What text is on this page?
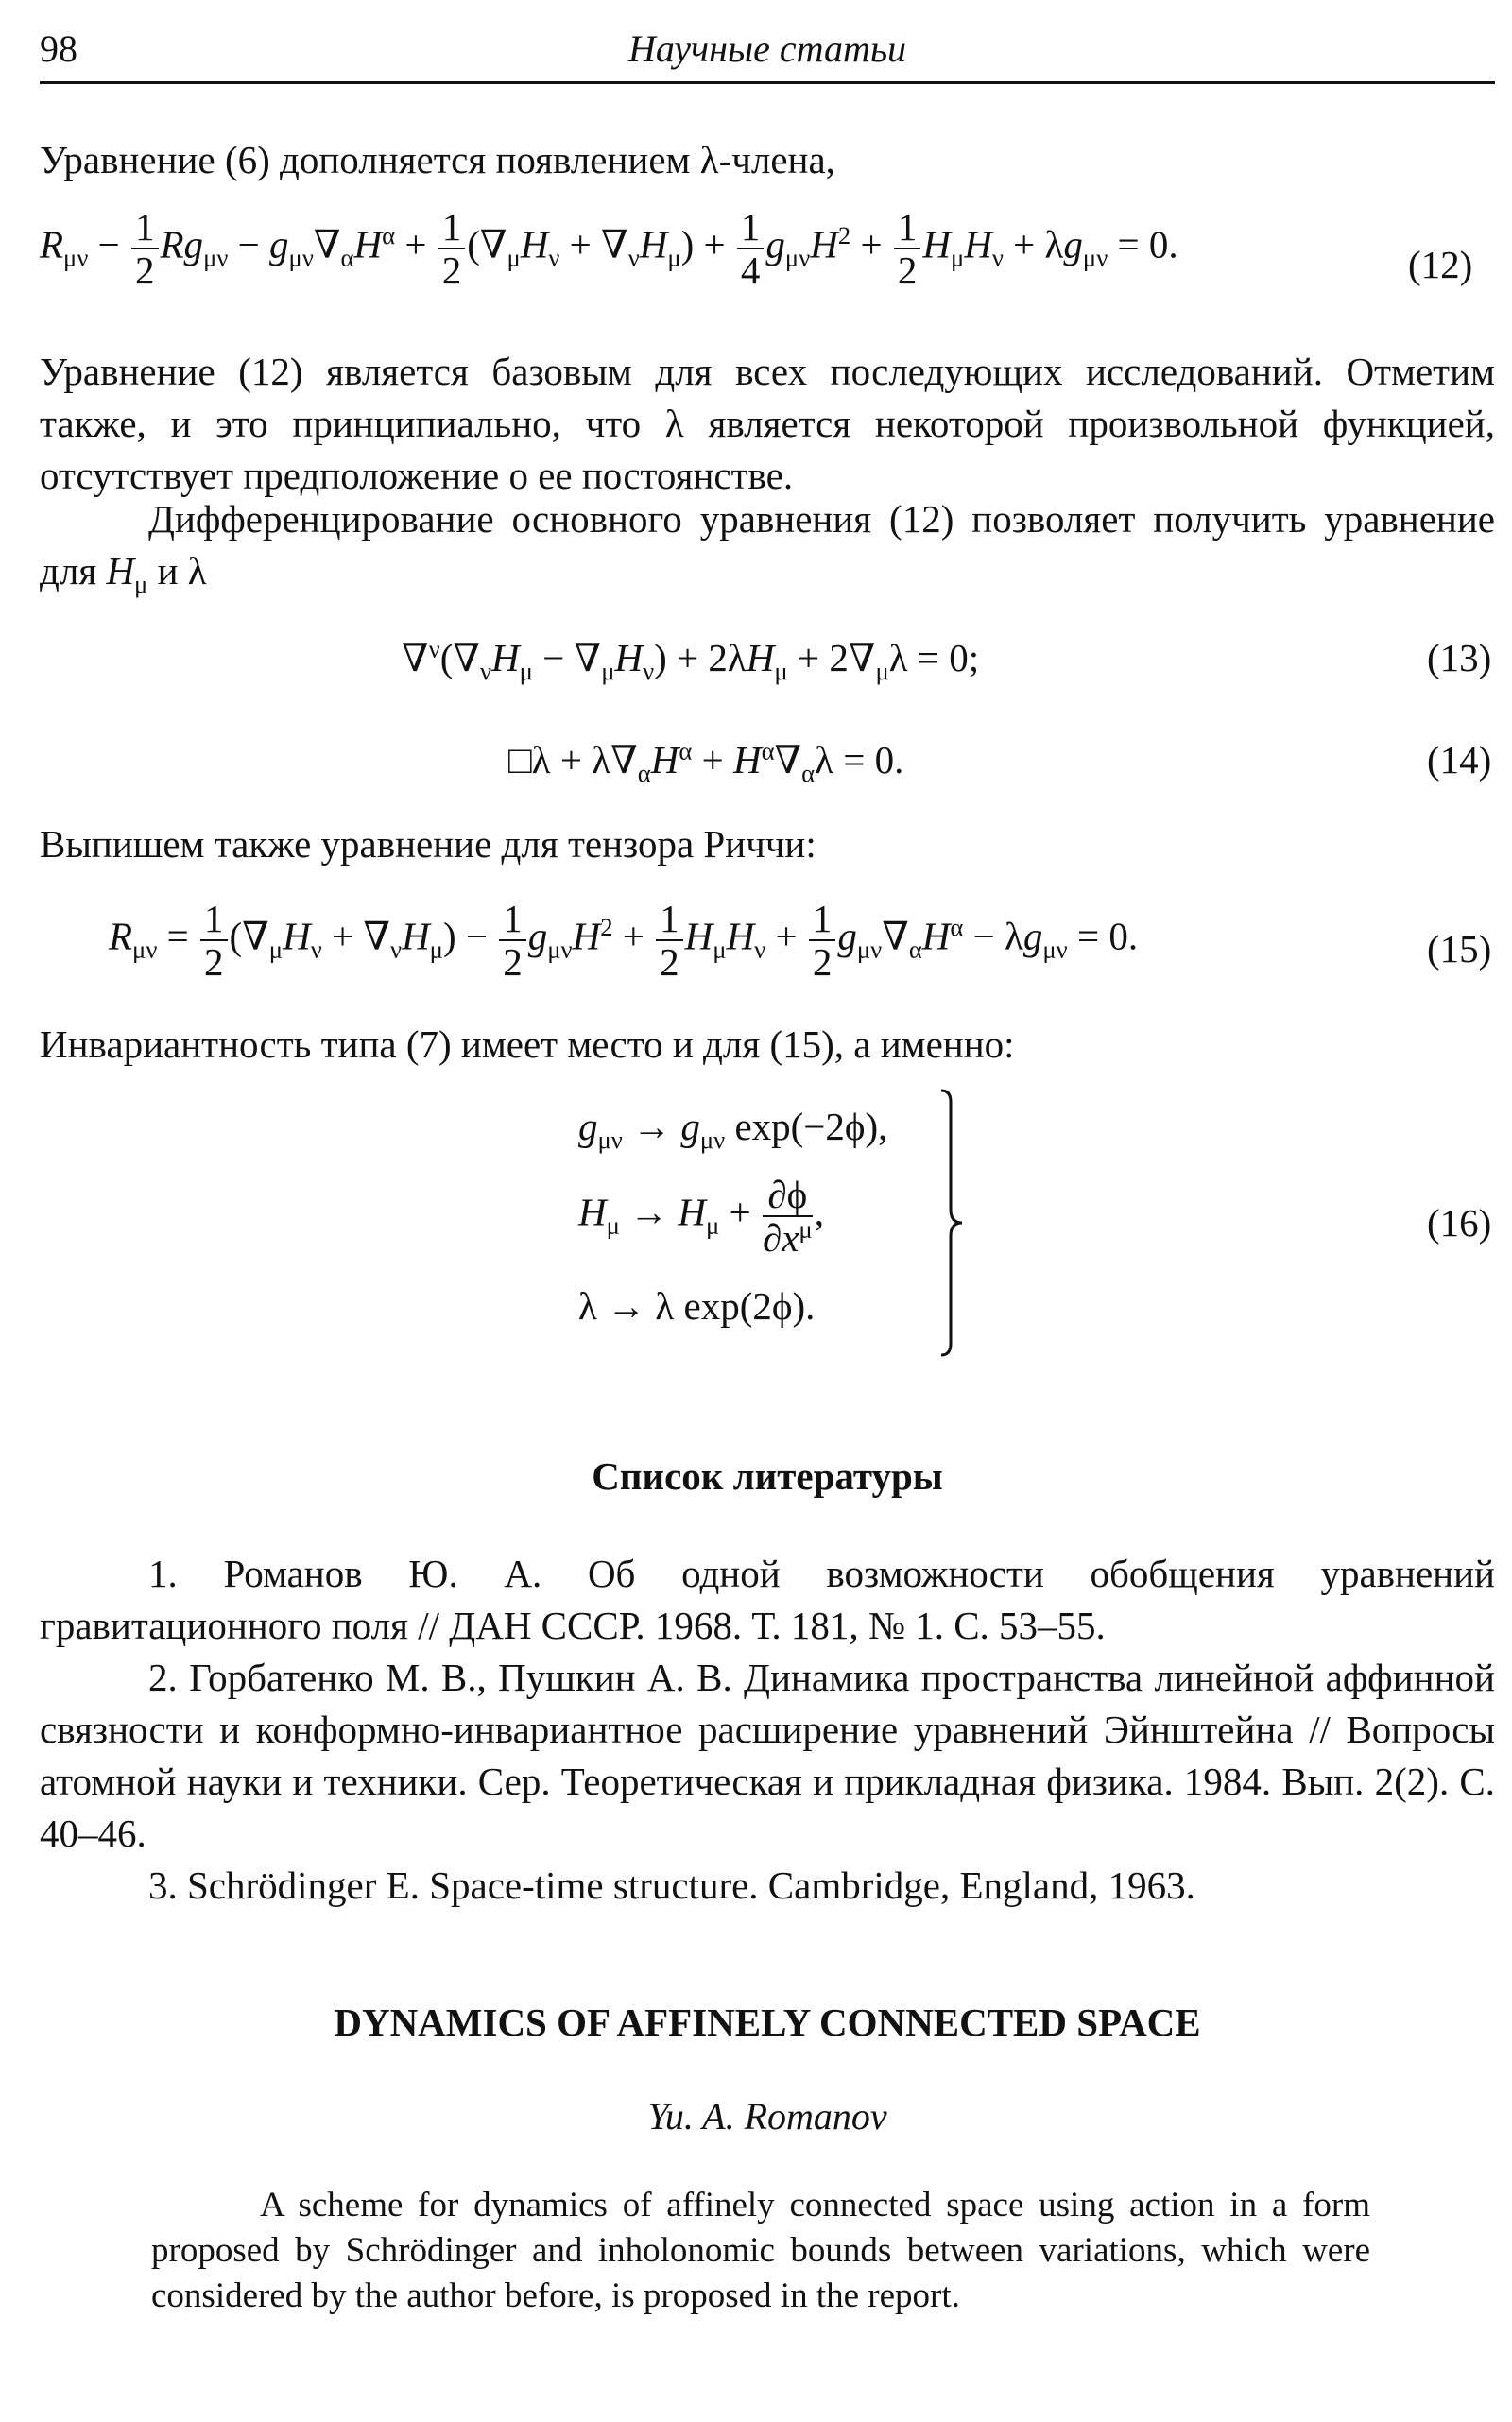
98	Научные статьи
Уравнение (6) дополняется появлением λ-члена,
$R_{\mu\nu} - \frac{1}{2} Rg_{\mu\nu} - g_{\mu\nu}\nabla_\alpha H^\alpha + \frac{1}{2} (\nabla_\mu H_\nu + \nabla_\nu H_\mu) + \frac{1}{4} g_{\mu\nu}H^2 + \frac{1}{2} H_\mu H_\nu + \lambda g_{\mu\nu} = 0$.	(12)
Уравнение (12) является базовым для всех последующих исследований. Отметим также, и это принципиально, что λ является некоторой произвольной функцией, отсутствует предположение о ее постоянстве.
Дифференцирование основного уравнения (12) позволяет получить уравнение для $H_\mu$ и λ
$\nabla^\nu(\nabla_\nu H_\mu - \nabla_\mu H_\nu) + 2\lambda H_\mu + 2\nabla_\mu\lambda = 0$;	(13)
□λ + $\lambda\nabla_\alpha H^\alpha + H^\alpha\nabla_\alpha\lambda = 0$.	(14)
Выпишем также уравнение для тензора Риччи:
$R_{\mu\nu} = \frac{1}{2} (\nabla_\mu H_\nu + \nabla_\nu H_\mu) - \frac{1}{2} g_{\mu\nu}H^2 + \frac{1}{2} H_\mu H_\nu + \frac{1}{2} g_{\mu\nu}\nabla_\alpha H^\alpha - \lambda g_{\mu\nu} = 0$.	(15)
Инвариантность типа (7) имеет место и для (15), а именно:
$g_{\mu\nu} \to g_{\mu\nu}$ exp(−2ϕ),
$H_\mu \to H_\mu + \frac{\partial\phi}{\partial x^\mu}$ ,
λ → λ exp(2ϕ).
(16)
Список литературы
1. Романов Ю. А. Об одной возможности обобщения уравнений гравитационного поля // ДАН СССР. 1968. Т. 181, № 1. С. 53–55.
2. Горбатенко М. В., Пушкин А. В. Динамика пространства линейной аффинной связности и конформно-инвариантное расширение уравнений Эйнштейна // Вопросы атомной науки и техники. Сер. Теоретическая и прикладная физика. 1984. Вып. 2(2). С. 40–46.
3. Schrödinger E. Space-time structure. Cambridge, England, 1963.
DYNAMICS OF AFFINELY CONNECTED SPACE
Yu. A. Romanov
A scheme for dynamics of affinely connected space using action in a form proposed by Schrödinger and inholonomic bounds between variations, which were considered by the author before, is proposed in the report.
